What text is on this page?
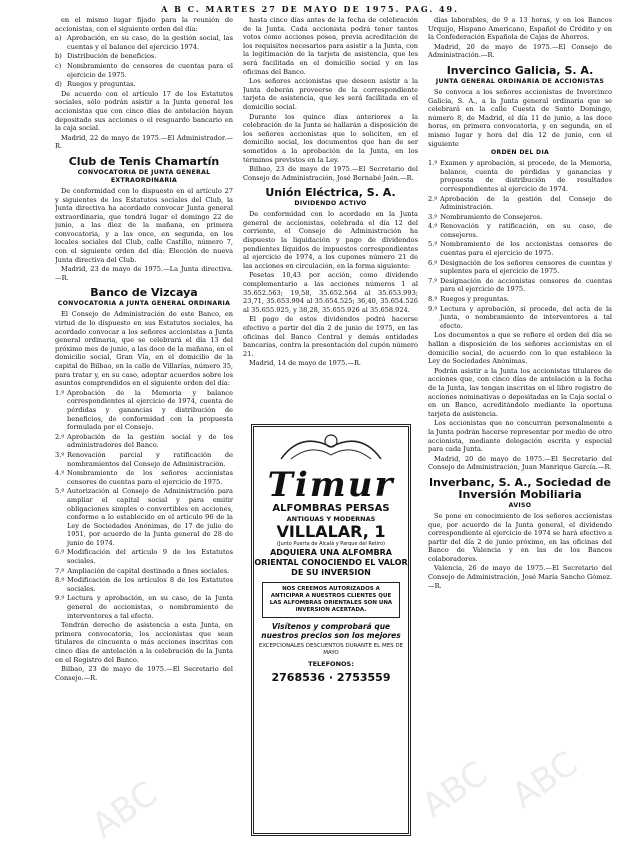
A B C. MARTES 27 DE MAYO DE 1975. PAG. 49.
ABC ABC
ABC

en el mismo lugar fijado para la reunión de accionistas, con el siguiente orden del día:

a) Aprobación, en su caso, de la gestión social, las cuentas y el balance del ejercicio 1974.
b) Distribución de beneficios.
c) Nombramiento de censores de cuentas para el ejercicio de 1975.
d) Ruegos y preguntas.

De acuerdo con el artículo 17 de los Estatutos sociales, sólo podrán asistir a la Junta general los accionistas que con cinco días de antelación hayan depositado sus acciones o el resguardo bancario en la caja social.

Madrid, 22 de mayo de 1975.—El Administrador.—R.

Club de Tenis Chamartín
CONVOCATORIA DE JUNTA GENERAL EXTRAORDINARIA

De conformidad con lo dispuesto en el artículo 27 y siguientes de los Estatutos sociales del Club, la Junta directiva ha acordado convocar Junta general extraordinaria, que tendrá lugar el domingo 22 de junio, a las diez de la mañana, en primera convocatoria, y a las once, en segunda, en los locales sociales del Club, calle Castillo, número 7, con el siguiente orden del día: Elección de nueva Junta directiva del Club.

Madrid, 23 de mayo de 1975.—La Junta directiva.—R.

Banco de Vizcaya
CONVOCATORIA A JUNTA GENERAL ORDINARIA

El Consejo de Administración de este Banco, en virtud de lo dispuesto en sus Estatutos sociales, ha acordado convocar a los señores accionistas a Junta general ordinaria, que se celebrará el día 13 del próximo mes de junio, a las doce de la mañana, en el domicilio social, Gran Vía, en el domicilio de la capital de Bilbao, en la calle de Villarías, número 35, para tratar y, en su caso, adoptar acuerdos sobre los asuntos comprendidos en el siguiente orden del día:

1.º Aprobación de la Memoria y balance correspondientes al ejercicio de 1974, cuenta de pérdidas y ganancias y distribución de beneficios, de conformidad con la propuesta formulada por el Consejo.
2.º Aprobación de la gestión social y de los administradores del Banco.
3.º Renovación parcial y ratificación de nombramientos del Consejo de Administración.
4.º Nombramiento de los señores accionistas censores de cuentas para el ejercicio de 1975.
5.º Autorización al Consejo de Administración para ampliar el capital social y para emitir obligaciones simples o convertibles en acciones, conforme a lo establecido en el artículo 96 de la Ley de Sociedades Anónimas, de 17 de julio de 1951, por acuerdo de la Junta general de 28 de junio de 1974.
6.º Modificación del artículo 9 de los Estatutos sociales.
7.º Ampliación de capital destinado a fines sociales.
8.º Modificación de los artículos 8 de los Estatutos sociales.
9.º Lectura y aprobación, en su caso, de la Junta general de accionistas, o nombramiento de interventores a tal efecto.

Tendrán derecho de asistencia a esta Junta, en primera convocatoria, los accionistas que sean titulares de cincuenta o más acciones inscritas con cinco días de antelación a la celebración de la Junta en el Registro del Banco.

Bilbao, 23 de mayo de 1975.—El Secretario del Consejo.—R.

hasta cinco días antes de la fecha de celebración de la Junta. Cada accionista podrá tener tantos votos como acciones posea, previa acreditación de los requisitos necesarios para asistir a la Junta, con la legitimación de la tarjeta de asistencia, que les será facilitada en el domicilio social y en las oficinas del Banco.

Los señores accionistas que deseen asistir a la Junta deberán proveerse de la correspondiente tarjeta de asistencia, que les será facilitada en el domicilio social.

Durante los quince días anteriores a la celebración de la Junta se hallarán a disposición de los señores accionistas que lo soliciten, en el domicilio social, los documentos que han de ser sometidos a la aprobación de la Junta, en los términos previstos en la Ley.

Bilbao, 23 de mayo de 1975.—El Secretario del Consejo de Administración, José Bernabé Jaén.—R.

Unión Eléctrica, S. A.
DIVIDENDO ACTIVO

De conformidad con lo acordado en la Junta general de accionistas, celebrada el día 12 del corriente, el Consejo de Administración ha dispuesto la liquidación y pago de dividendos pendientes líquidos de impuestos correspondientes al ejercicio de 1974, a los cupones número 21 de las acciones en circulación, en la forma siguiente:

Pesetas 10,43 por acción, como dividendo complementario a las acciones números 1 al 35.652.563; 19,58, 35.652.564 al 35.653.993; 23,71, 35.653.994 al 35.654.525; 36,40, 35.654.526 al 35.655.925, y 38,28, 35.655.926 al 35.658.924.

El pago de estos dividendos podrá hacerse efectivo a partir del día 2 de junio de 1975, en las oficinas del Banco Central y demás entidades bancarias, contra la presentación del cupón número 21.

Madrid, 14 de mayo de 1975.—R.

Timur
ALFOMBRAS PERSAS
ANTIGUAS Y MODERNAS
VILLALAR, 1
(Junto Puerta de Alcalá y Parque del Retiro)
ADQUIERA UNA ALFOMBRA ORIENTAL CONOCIENDO EL VALOR DE SU INVERSION
NOS CREEMOS AUTORIZADOS A ANTICIPAR A NUESTROS CLIENTES QUE LAS ALFOMBRAS ORIENTALES SON UNA INVERSION ACERTADA.
Visítenos y comprobará que nuestros precios son los mejores
EXCEPCIONALES DESCUENTOS DURANTE EL MES DE MAYO
TELEFONOS:
2768536 · 2753559

días laborables, de 9 a 13 horas, y en los Bancos Urquijo, Hispano Americano, Español de Crédito y en la Confederación Española de Cajas de Ahorros.

Madrid, 20 de mayo de 1975.—El Consejo de Administración.—R.

Invercinco Galicia, S. A.
JUNTA GENERAL ORDINARIA DE ACCIONISTAS

Se convoca a los señores accionistas de Invercinco Galicia, S. A., a la Junta general ordinaria que se celebrará en la calle Cuesta de Santo Domingo, número 8, de Madrid, el día 11 de junio, a las doce horas, en primera convocatoria, y en segunda, en el mismo lugar y hora del día 12 de junio, con el siguiente

ORDEN DEL DIA
1.º Examen y aprobación, si procede, de la Memoria, balance, cuenta de pérdidas y ganancias y propuesta de distribución de resultados correspondientes al ejercicio de 1974.
2.º Aprobación de la gestión del Consejo de Administración.
3.º Nombramiento de Consejeros.
4.º Renovación y ratificación, en su caso, de consejeros.
5.º Nombramiento de los accionistas censores de cuentas para el ejercicio de 1975.
6.º Designación de los señores censores de cuentas y suplentes para el ejercicio de 1975.
7.º Designación de accionistas censores de cuentas para el ejercicio de 1975.
8.º Ruegos y preguntas.
9.º Lectura y aprobación, si procede, del acta de la Junta, o nombramiento de interventores a tal efecto.

Los documentos a que se refiere el orden del día se hallan a disposición de los señores accionistas en el domicilio social, de acuerdo con lo que establece la Ley de Sociedades Anónimas.

Podrán asistir a la Junta los accionistas titulares de acciones que, con cinco días de antelación a la fecha de la Junta, las tengan inscritas en el libro registro de acciones nominativas o depositadas en la Caja social o en un Banco, acreditándolo mediante la oportuna tarjeta de asistencia.

Los accionistas que no concurran personalmente a la Junta podrán hacerse representar por medio de otro accionista, mediante delegación escrita y especial para cada Junta.

Madrid, 20 de mayo de 1975.—El Secretario del Consejo de Administración, Juan Manrique García.—R.

Inverbanc, S. A., Sociedad de Inversión Mobiliaria
AVISO

Se pone en conocimiento de los señores accionistas que, por acuerdo de la Junta general, el dividendo correspondiente al ejercicio de 1974 se hará efectivo a partir del día 2 de junio próximo, en las oficinas del Banco de Valencia y en las de los Bancos colaboradores.

Valencia, 26 de mayo de 1975.—El Secretario del Consejo de Administración, José María Sancho Gómez.—R.
